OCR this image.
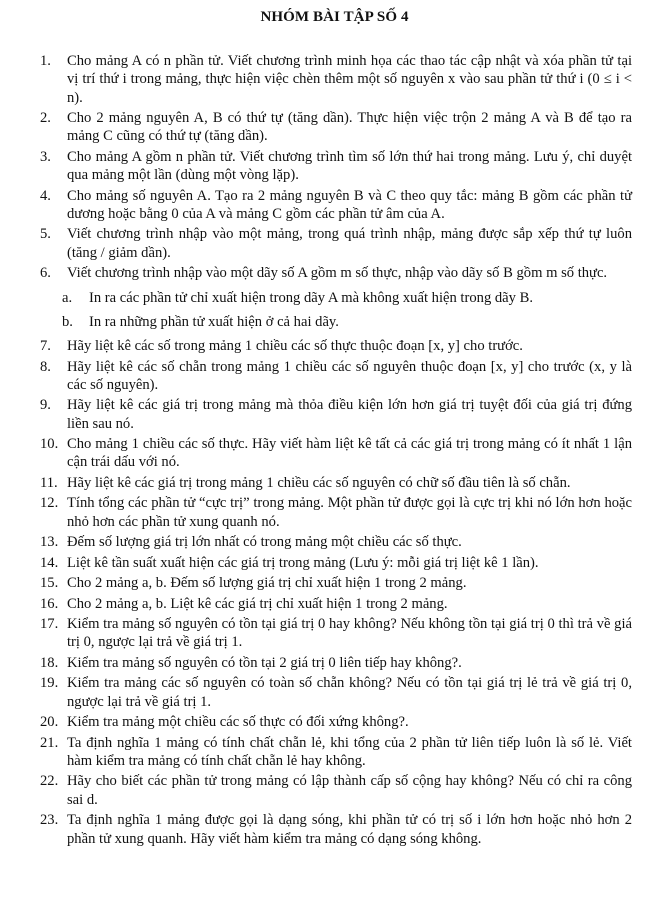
NHÓM BÀI TẬP SỐ 4
1.	Cho mảng A có n phần tử. Viết chương trình minh họa các thao tác cập nhật và xóa phần tử tại vị trí thứ i trong mảng, thực hiện việc chèn thêm một số nguyên x vào sau phần tử thứ i (0 ≤ i < n).
2.	Cho 2 mảng nguyên A, B có thứ tự (tăng dần). Thực hiện việc trộn 2 mảng A và B để tạo ra mảng C cũng có thứ tự (tăng dần).
3.	Cho mảng A gồm n phần tử. Viết chương trình tìm số lớn thứ hai trong mảng. Lưu ý, chỉ duyệt qua mảng một lần (dùng một vòng lặp).
4.	Cho mảng số nguyên A. Tạo ra 2 mảng nguyên B và C theo quy tắc: mảng B gồm các phần tử dương hoặc bằng 0 của A và mảng C gồm các phần tử âm của A.
5.	Viết chương trình nhập vào một mảng, trong quá trình nhập, mảng được sắp xếp thứ tự luôn (tăng / giảm dần).
6.	Viết chương trình nhập vào một dãy số A gồm m số thực, nhập vào dãy số B gồm m số thực.
a. In ra các phần tử chỉ xuất hiện trong dãy A mà không xuất hiện trong dãy B.
b. In ra những phần tử xuất hiện ở cả hai dãy.
7.	Hãy liệt kê các số trong mảng 1 chiều các số thực thuộc đoạn [x, y] cho trước.
8.	Hãy liệt kê các số chẵn trong mảng 1 chiều các số nguyên thuộc đoạn [x, y] cho trước (x, y là các số nguyên).
9.	Hãy liệt kê các giá trị trong mảng mà thỏa điều kiện lớn hơn giá trị tuyệt đối của giá trị đứng liền sau nó.
10. Cho mảng 1 chiều các số thực. Hãy viết hàm liệt kê tất cả các giá trị trong mảng có ít nhất 1 lận cận trái dấu với nó.
11. Hãy liệt kê các giá trị trong mảng 1 chiều các số nguyên có chữ số đầu tiên là số chẵn.
12. Tính tổng các phần tử “cực trị” trong mảng. Một phần tử được gọi là cực trị khi nó lớn hơn hoặc nhỏ hơn các phần tử xung quanh nó.
13. Đếm số lượng giá trị lớn nhất có trong mảng một chiều các số thực.
14. Liệt kê tần suất xuất hiện các giá trị trong mảng (Lưu ý: mỗi giá trị liệt kê 1 lần).
15. Cho 2 mảng a, b. Đếm số lượng giá trị chỉ xuất hiện 1 trong 2 mảng.
16. Cho 2 mảng a, b. Liệt kê các giá trị chỉ xuất hiện 1 trong 2 mảng.
17. Kiểm tra mảng số nguyên có tồn tại giá trị 0 hay không? Nếu không tồn tại giá trị 0 thì trả về giá trị 0, ngược lại trả về giá trị 1.
18. Kiểm tra mảng số nguyên có tồn tại 2 giá trị 0 liên tiếp hay không?.
19. Kiểm tra mảng các số nguyên có toàn số chẵn không? Nếu có tồn tại giá trị lẻ trả về giá trị 0, ngược lại trả về giá trị 1.
20. Kiểm tra mảng một chiều các số thực có đối xứng không?.
21. Ta định nghĩa 1 mảng có tính chất chẵn lẻ, khi tổng của 2 phần tử liên tiếp luôn là số lẻ. Viết hàm kiểm tra mảng có tính chất chẵn lẻ hay không.
22. Hãy cho biết các phần tử trong mảng có lập thành cấp số cộng hay không? Nếu có chỉ ra công sai d.
23. Ta định nghĩa 1 mảng được gọi là dạng sóng, khi phần tử có trị số i lớn hơn hoặc nhỏ hơn 2 phần tử xung quanh. Hãy viết hàm kiểm tra mảng có dạng sóng không.
